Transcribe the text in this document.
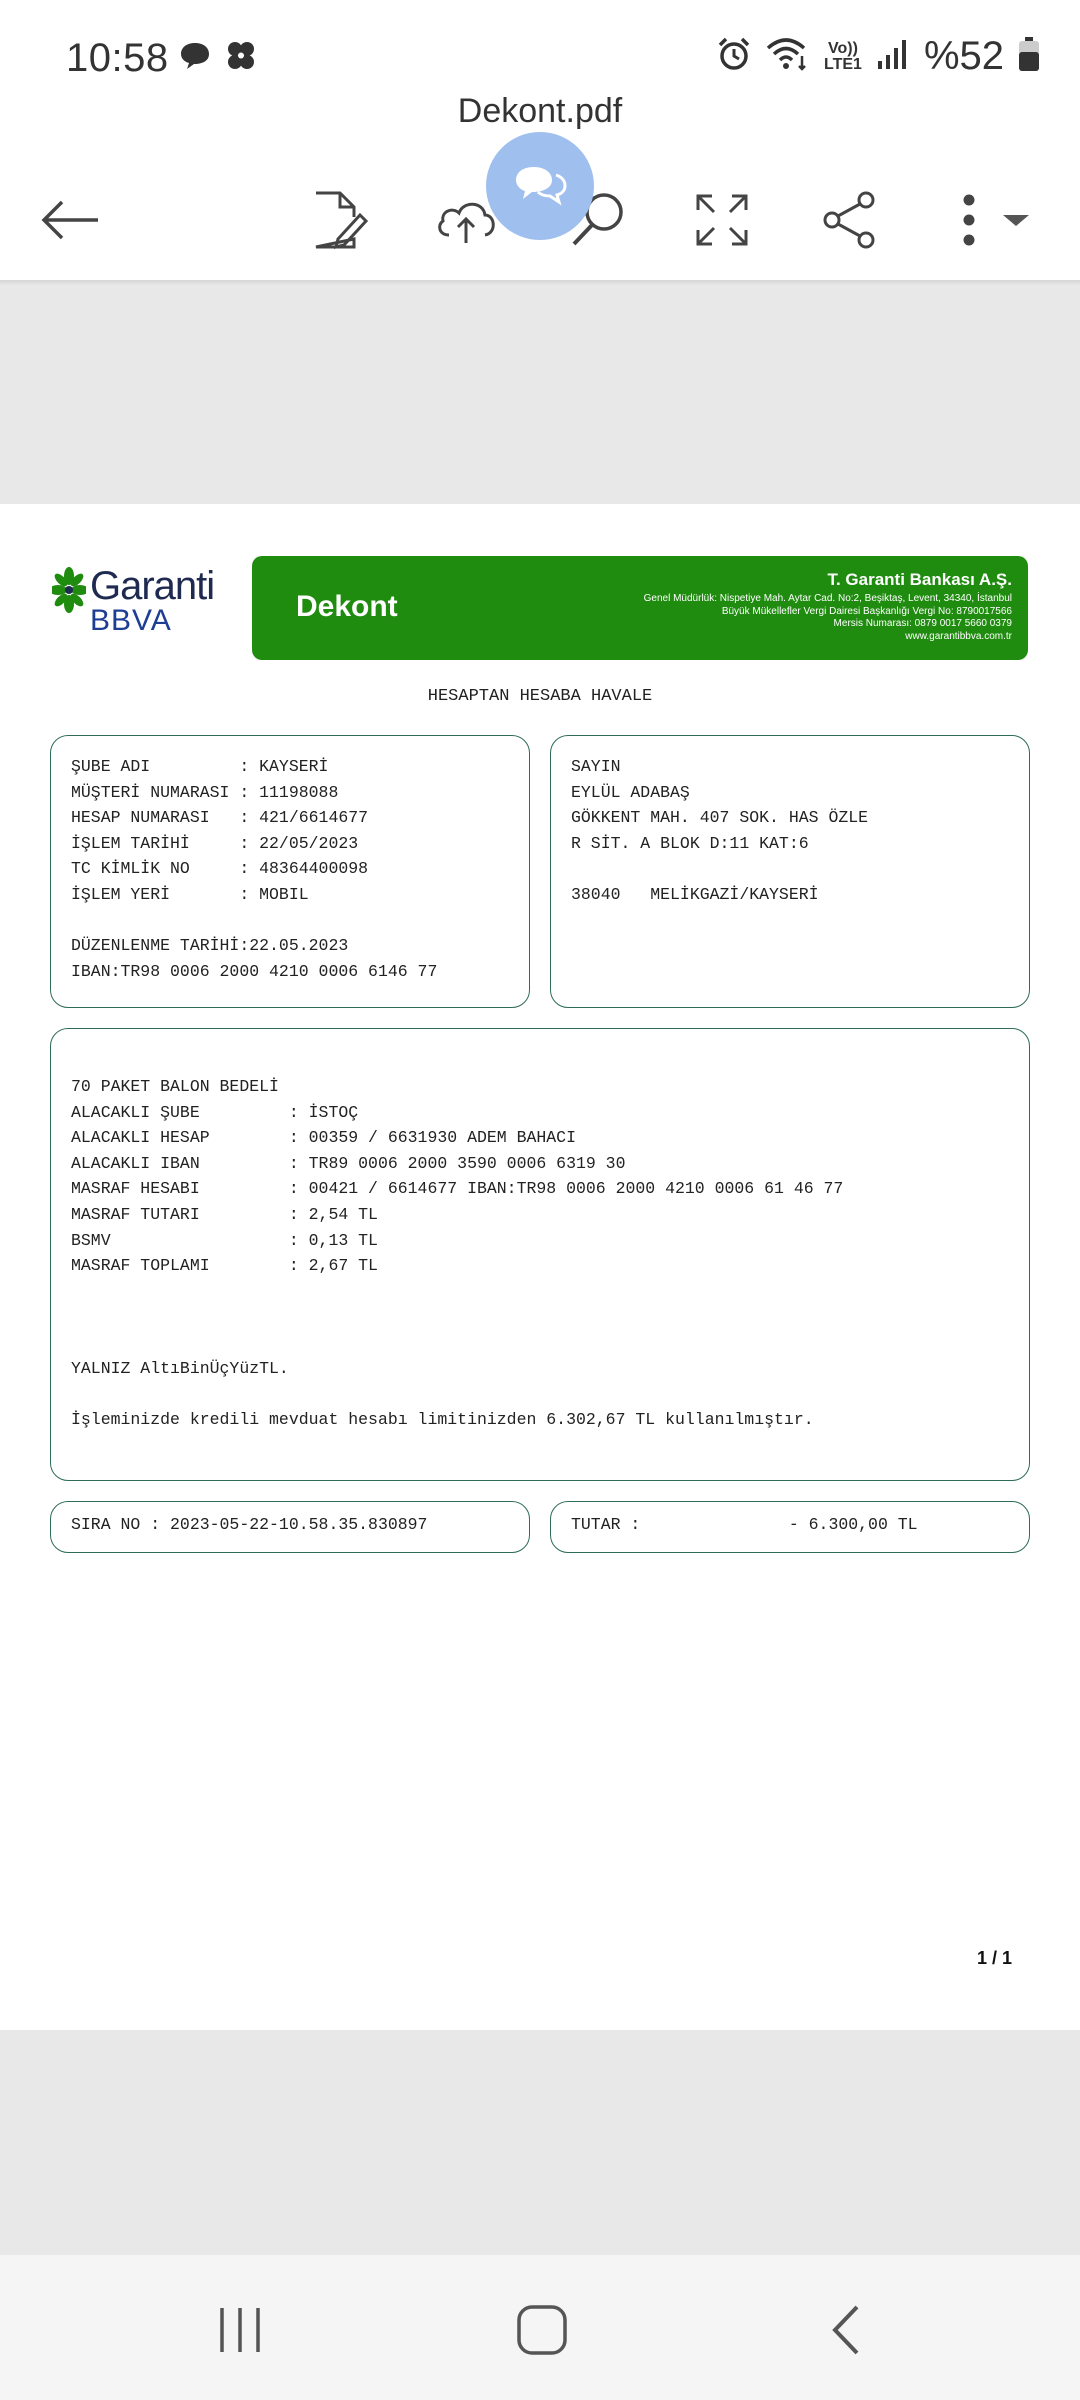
10:58	Vo))
LTE1 %52
Dekont.pdf
Garanti
BBVA	Dekont
T. Garanti Bankası A.Ş.
Genel Müdürlük: Nispetiye Mah. Aytar Cad. No:2, Beşiktaş, Levent, 34340, İstanbul
Büyük Mükellefler Vergi Dairesi Başkanlığı Vergi No: 8790017566
Mersis Numarası: 0879 0017 5660 0379
www.garantibbva.com.tr
HESAPTAN HESABA HAVALE
ŞUBE ADI         : KAYSERİ
MÜŞTERİ NUMARASI : 11198088
HESAP NUMARASI   : 421/6614677
İŞLEM TARİHİ     : 22/05/2023
TC KİMLİK NO     : 48364400098
İŞLEM YERİ       : MOBIL

DÜZENLENME TARİHİ:22.05.2023
IBAN:TR98 0006 2000 4210 0006 6146 77
SAYIN
EYLÜL ADABAŞ
GÖKKENT MAH. 407 SOK. HAS ÖZLE
R SİT. A BLOK D:11 KAT:6

38040   MELİKGAZİ/KAYSERİ
70 PAKET BALON BEDELİ
ALACAKLI ŞUBE         : İSTOÇ
ALACAKLI HESAP        : 00359 / 6631930 ADEM BAHACI
ALACAKLI IBAN         : TR89 0006 2000 3590 0006 6319 30
MASRAF HESABI         : 00421 / 6614677 IBAN:TR98 0006 2000 4210 0006 61 46 77
MASRAF TUTARI         : 2,54 TL
BSMV                  : 0,13 TL
MASRAF TOPLAMI        : 2,67 TL

YALNIZ AltıBinÜçYüzTL.

İşleminizde kredili mevduat hesabı limitinizden 6.302,67 TL kullanılmıştır.
SIRA NO : 2023-05-22-10.58.35.830897	TUTAR :               - 6.300,00 TL
1 / 1
